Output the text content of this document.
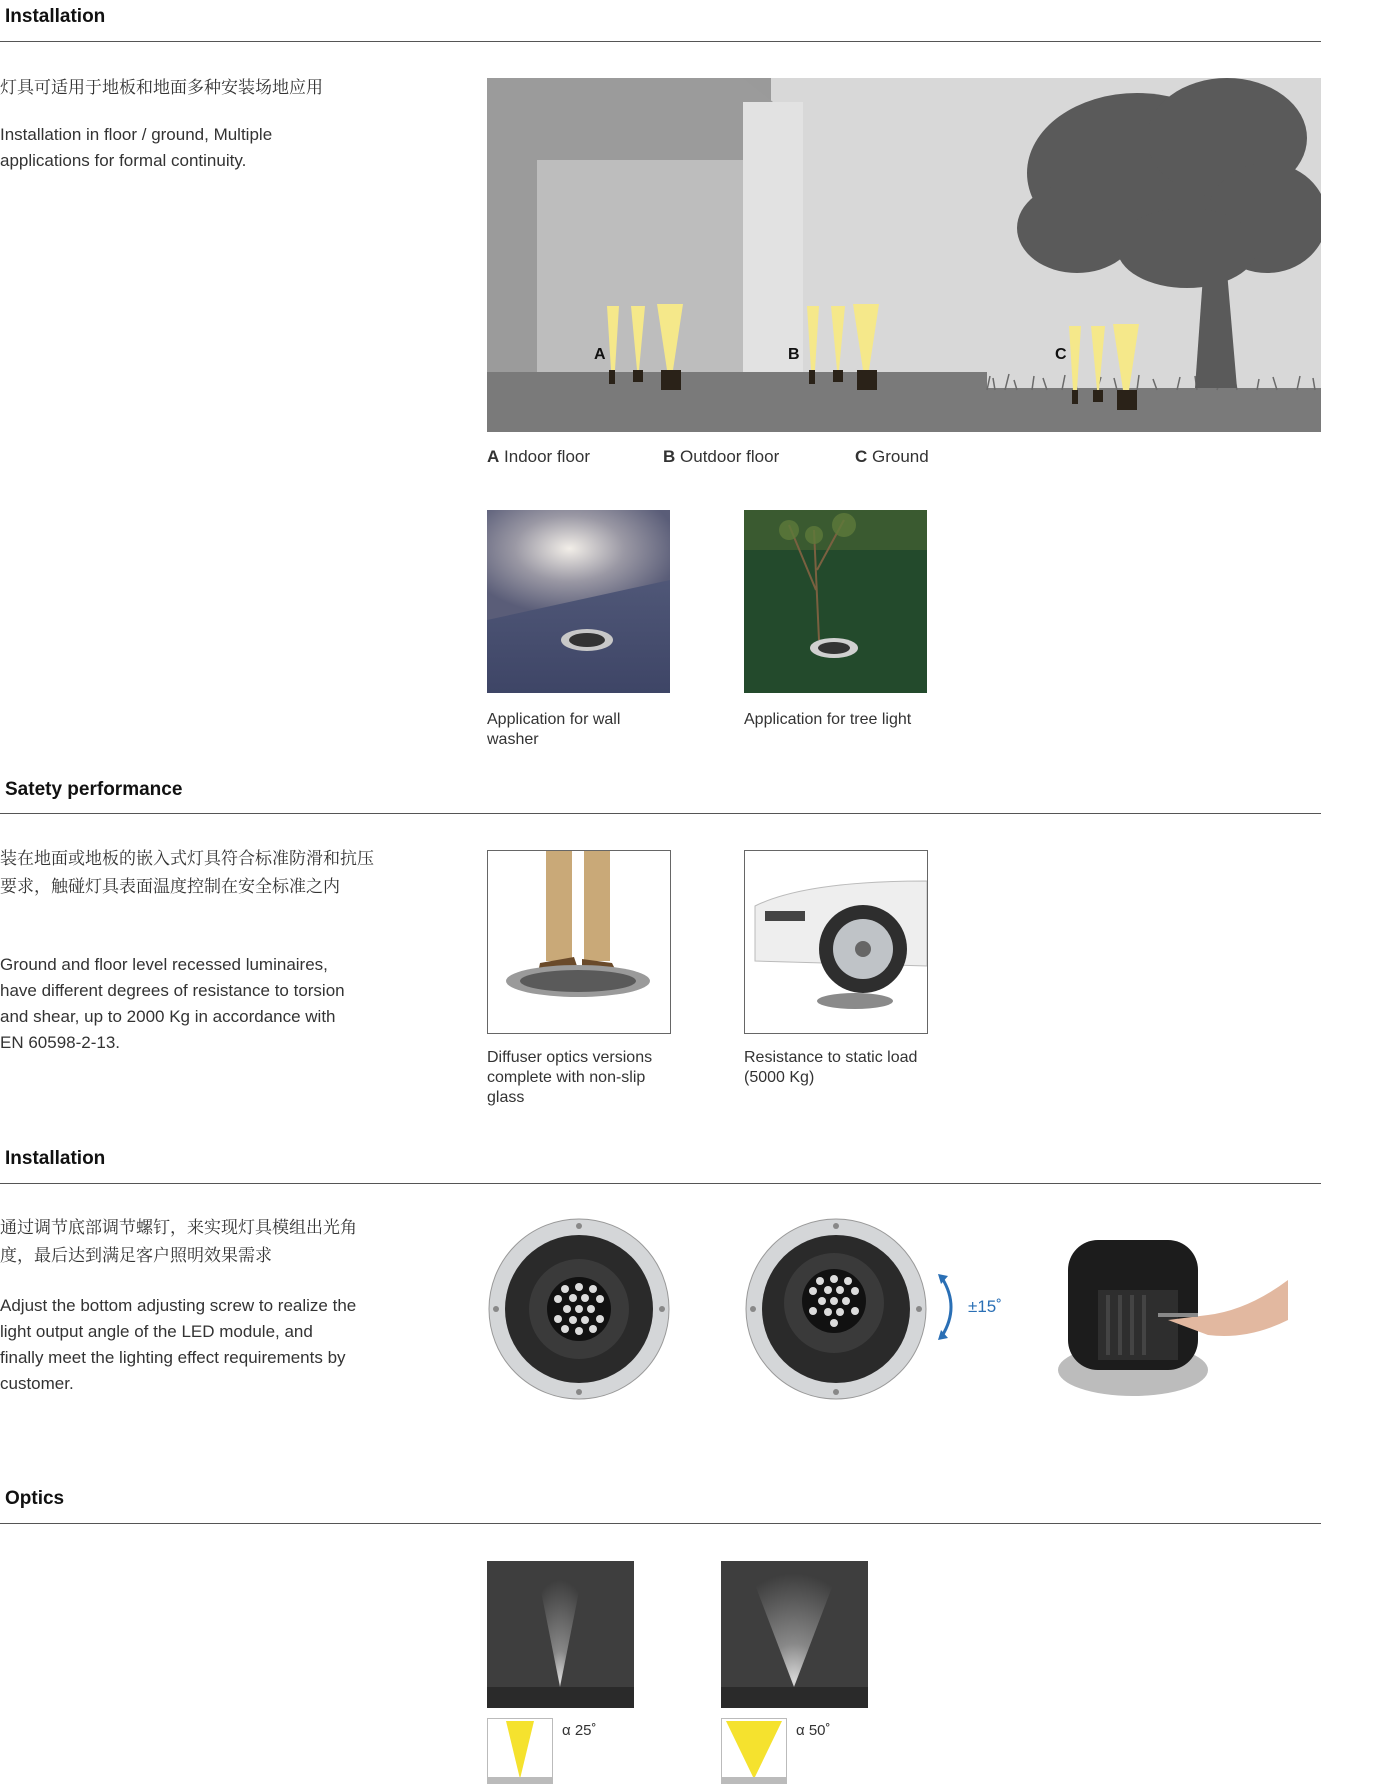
Installation
灯具可适用于地板和地面多种安装场地应用
Installation in floor / ground, Multiple applications for formal continuity.
A	B	C
A Indoor floor	B Outdoor floor	C Ground
Application for wall washer
Application for tree light
Satety performance
装在地面或地板的嵌入式灯具符合标准防滑和抗压要求，触碰灯具表面温度控制在安全标准之内
Ground and floor level recessed luminaires, have different degrees of resistance to torsion and shear, up to 2000 Kg in accordance with EN 60598-2-13.
Diffuser optics versions complete with non-slip glass
Resistance to static load (5000 Kg)
Installation
通过调节底部调节螺钉，来实现灯具模组出光角度，最后达到满足客户照明效果需求
Adjust the bottom adjusting screw to realize the light output angle of the LED module, and finally meet the lighting effect requirements by customer.
±15˚
Optics
α 25˚	α 50˚
